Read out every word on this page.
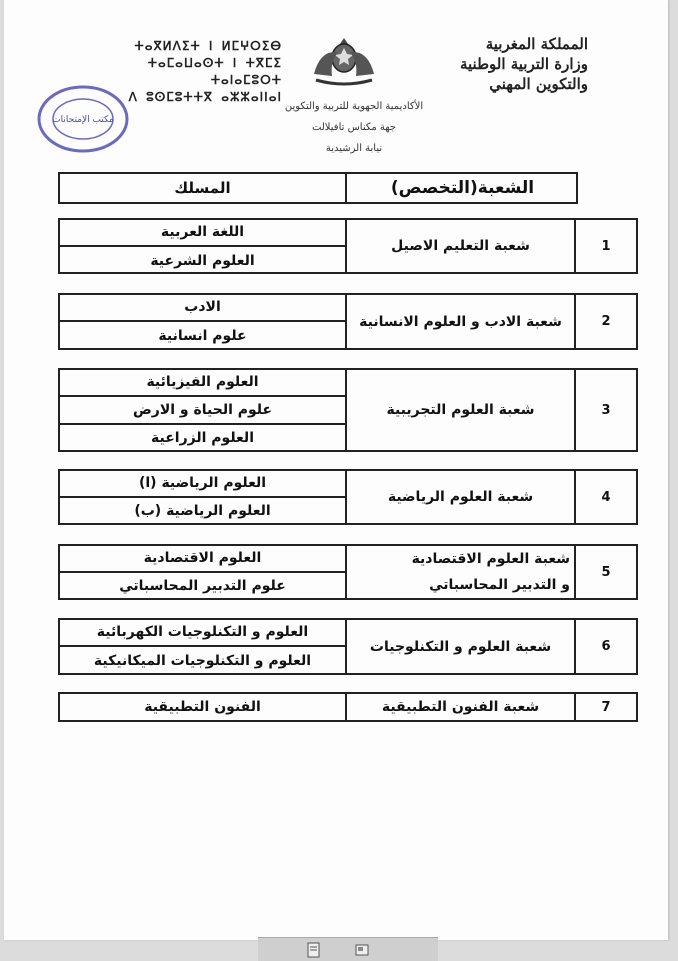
المملكة المغربية
وزارة التربية الوطنية
والتكوين المهني
ⵜⴰⴳⵍⴷⵉⵜ ⵏ ⵍⵎⵖⵔⵉⴱ
ⵜⴰⵎⴰⵡⴰⵙⵜ ⵏ ⵜⴳⵎⵉ ⵜⴰⵏⴰⵎⵓⵔⵜ
ⴷ ⵓⵙⵎⵓⵜⵜⴳ ⴰⵣⵣⴰⵏⵏⴰⵏ
الأكاديمية الجهوية للتربية والتكوين
جهة مكناس تافيلالت
نيابة الرشيدية
مكتب الإمتحانات
الشعبة(التخصص)
المسلك
1
شعبة التعليم الاصيل
اللغة العربية
العلوم الشرعية
2
شعبة الادب و العلوم الانسانية
الادب
علوم انسانية
3
شعبة العلوم التجريبية
العلوم الفيزيائية
علوم الحياة و الارض
العلوم الزراعية
4
شعبة العلوم الرياضية
العلوم الرياضية (ا)
العلوم الرياضية (ب)
5
شعبة العلوم الاقتصادية
و التدبير المحاسباتي
العلوم الاقتصادية
علوم التدبير المحاسباتي
6
شعبة العلوم و التكنلوجيات
العلوم و التكنلوجيات الكهربائية
العلوم و التكنلوجيات الميكانيكية
7
شعبة الفنون التطبيقية
الفنون التطبيقية
